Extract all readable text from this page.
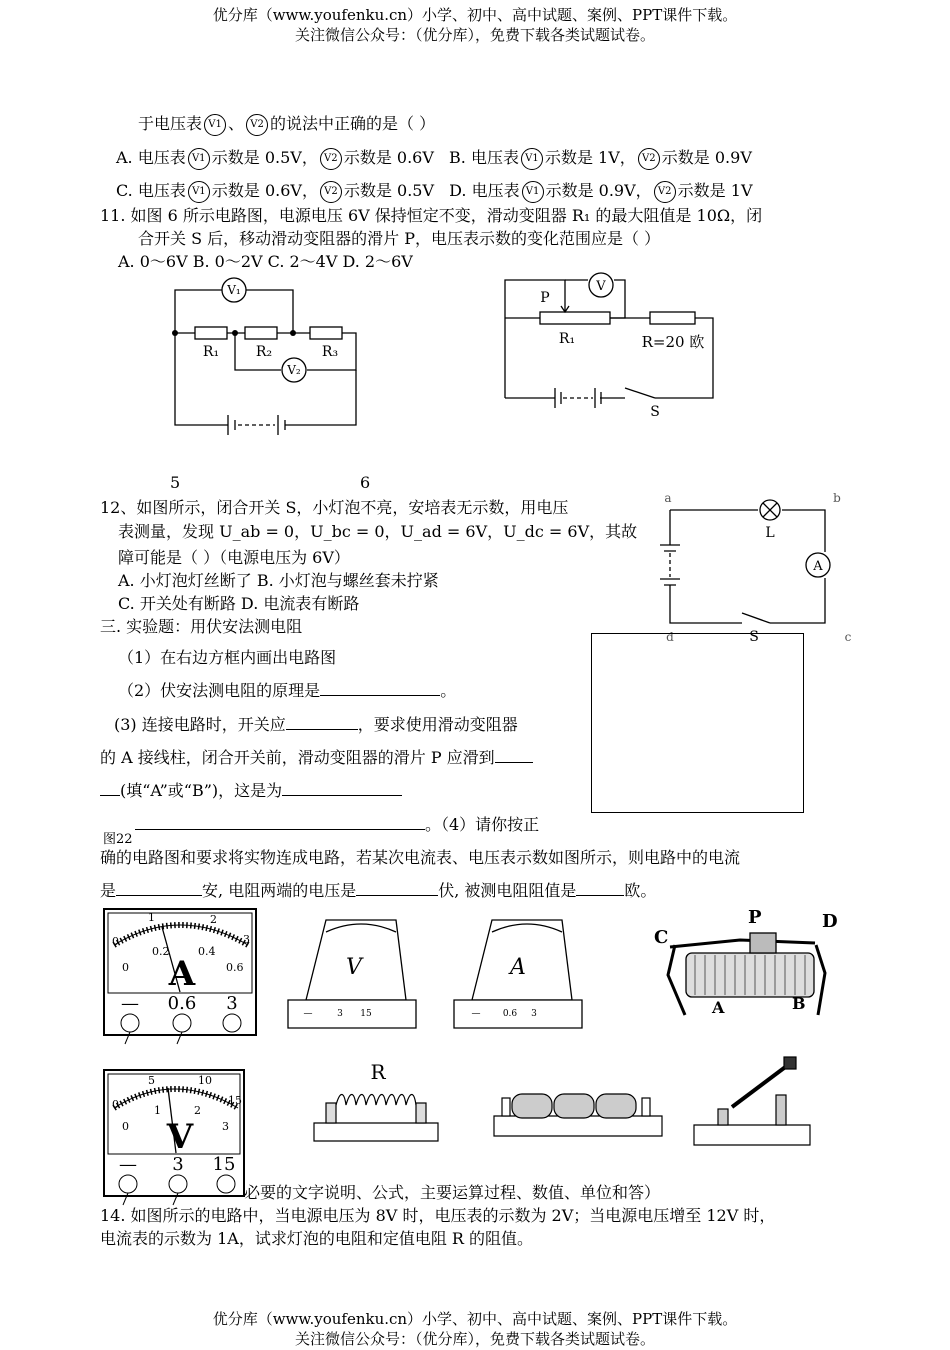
优分库（www.youfenku.cn）小学、初中、高中试题、案例、PPT课件下载。
关注微信公众号：（优分库），免费下载各类试题试卷。
于电压表 V1 、 V2 的说法中正确的是（ ）
A. 电压表 V1 示数是 0.5V， V2 示数是 0.6V B. 电压表 V1 示数是 1V， V2 示数是 0.9V
C. 电压表 V1 示数是 0.6V， V2 示数是 0.5V D. 电压表 V1 示数是 0.9V， V2 示数是 1V
11. 如图 6 所示电路图，电源电压 6V 保持恒定不变，滑动变阻器 R₁ 的最大阻值是 10Ω，闭
合开关 S 后，移动滑动变阻器的滑片 P，电压表示数的变化范围应是（ ）
A. 0～6V B. 0～2V C. 2～4V D. 2～6V
V₁
V₂
R₁	R₂	R₃
5
P
V
R₁	R=20 欧
S
6
12、如图所示，闭合开关 S，小灯泡不亮，安培表无示数，用电压
表测量，发现 U_ab = 0，U_bc = 0，U_ad = 6V，U_dc = 6V，其故
障可能是（ ）（电源电压为 6V）
A. 小灯泡灯丝断了 B. 小灯泡与螺丝套未拧紧
C. 开关处有断路 D. 电流表有断路
a	b
L
A
d	S	c
三. 实验题：用伏安法测电阻
（1）在右边方框内画出电路图
（2）伏安法测电阻的原理是	。
(3) 连接电路时，开关应	，要求使用滑动变阻器
的 A 接线柱，闭合开关前，滑动变阻器的滑片 P 应滑到
(填“A”或“B”)，这是为
图22
。（4）请你按正
确的电路图和要求将实物连成电路，若某次电流表、电压表示数如图所示，则电路中的电流
是	安, 电阻两端的电压是	伏, 被测电阻阻值是	欧。
0
1	2
3
0
0.2	0.4
0.6
A
— 0.6 3
V
—	3 15
A
— 0.6 3
C
P	D
A	B
0
5	10
15
0
1	2
3
V
— 3 15
R
必要的文字说明、公式，主要运算过程、数值、单位和答）
14. 如图所示的电路中，当电源电压为 8V 时，电压表的示数为 2V；当电源电压增至 12V 时，
电流表的示数为 1A，试求灯泡的电阻和定值电阻 R 的阻值。
优分库（www.youfenku.cn）小学、初中、高中试题、案例、PPT课件下载。
关注微信公众号：（优分库），免费下载各类试题试卷。
